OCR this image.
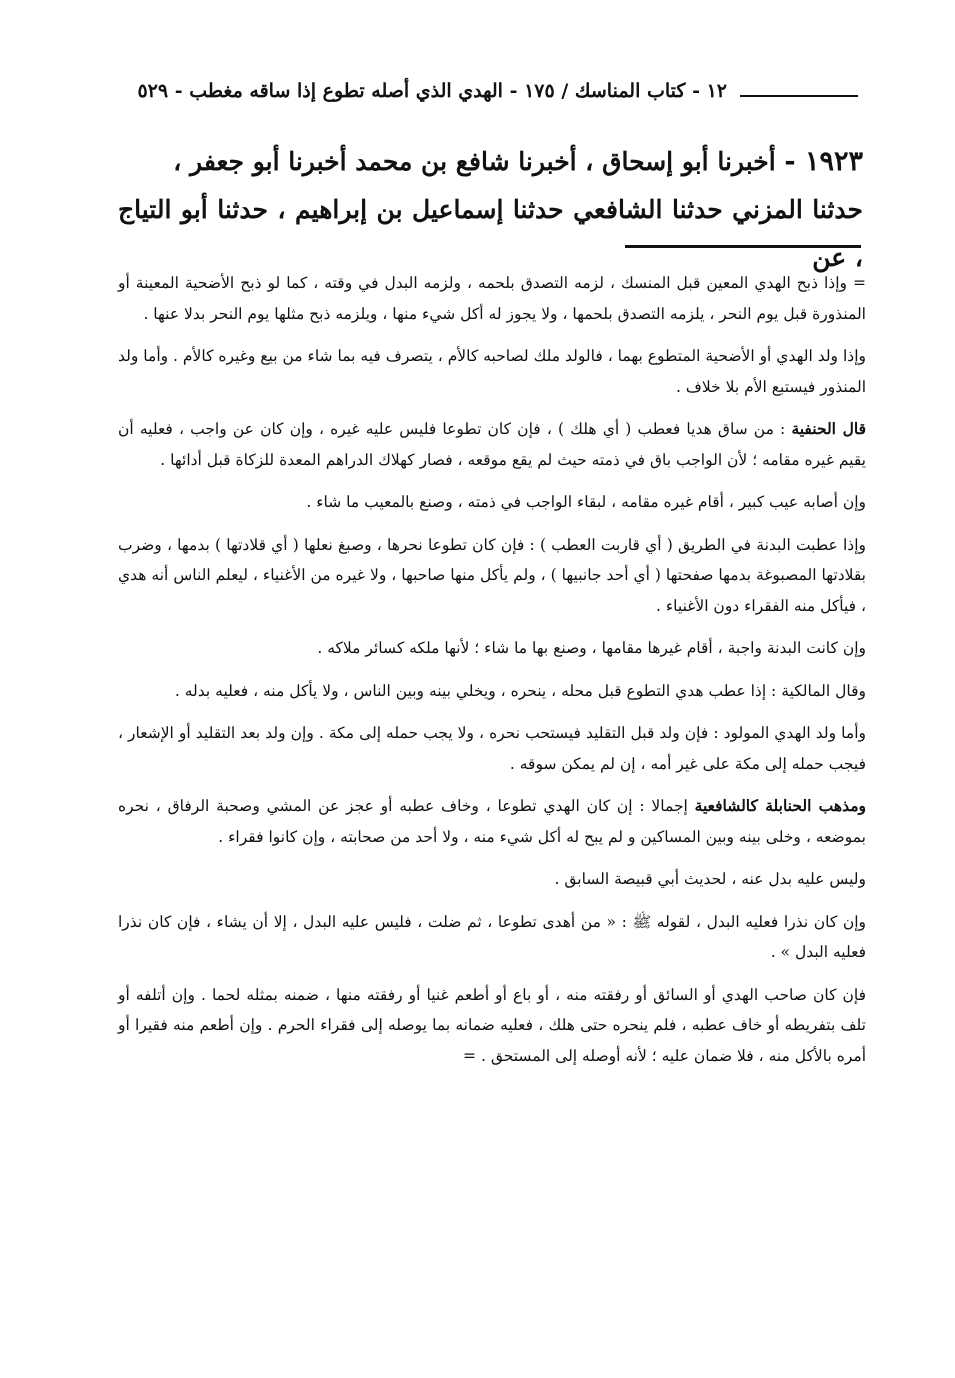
١٢ - كتاب المناسك / ١٧٥ - الهدي الذي أصله تطوع إذا ساقه مغطب - ٥٢٩

١٩٢٣ - أخبرنا أبو إسحاق ، أخبرنا شافع بن محمد أخبرنا أبو جعفر ،

حدثنا المزني حدثنا الشافعي حدثنا إسماعيل بن إبراهيم ، حدثنا أبو التياج ، عن

= وإذا ذبح الهدي المعين قبل المنسك ، لزمه التصدق بلحمه ، ولزمه البدل في وقته ، كما لو ذبح الأضحية المعينة أو المنذورة قبل يوم النحر ، يلزمه التصدق بلحمها ، ولا يجوز له أكل شيء منها ، ويلزمه ذبح مثلها يوم النحر بدلا عنها .

وإذا ولد الهدي أو الأضحية المتطوع بهما ، فالولد ملك لصاحبه كالأم ، يتصرف فيه بما شاء من بيع وغيره كالأم . وأما ولد المنذور فيستبع الأم بلا خلاف .

قال الحنفية : من ساق هديا فعطب ( أي هلك ) ، فإن كان تطوعا فليس عليه غيره ، وإن كان عن واجب ، فعليه أن يقيم غيره مقامه ؛ لأن الواجب باق في ذمته حيث لم يقع موقعه ، فصار كهلاك الدراهم المعدة للزكاة قبل أدائها .

وإن أصابه عيب كبير ، أقام غيره مقامه ، لبقاء الواجب في ذمته ، وصنع بالمعيب ما شاء .

وإذا عطبت البدنة في الطريق ( أي قاربت العطب ) : فإن كان تطوعا نحرها ، وصبغ نعلها ( أي قلادتها ) بدمها ، وضرب بقلادتها المصبوغة بدمها صفحتها ( أي أحد جانبيها ) ، ولم يأكل منها صاحبها ، ولا غيره من الأغنياء ، ليعلم الناس أنه هدي ، فيأكل منه الفقراء دون الأغنياء .

وإن كانت البدنة واجبة ، أقام غيرها مقامها ، وصنع بها ما شاء ؛ لأنها ملكه كسائر ملاكه .

وقال المالكية : إذا عطب هدي التطوع قبل محله ، ينحره ، ويخلي بينه وبين الناس ، ولا يأكل منه ، فعليه بدله .

وأما ولد الهدي المولود : فإن ولد قبل التقليد فيستحب نحره ، ولا يجب حمله إلى مكة . وإن ولد بعد التقليد أو الإشعار ، فيجب حمله إلى مكة على غير أمه ، إن لم يمكن سوقه .

ومذهب الحنابلة كالشافعية إجمالا : إن كان الهدي تطوعا ، وخاف عطبه أو عجز عن المشي وصحبة الرفاق ، نحره بموضعه ، وخلى بينه وبين المساكين و لم يبح له أكل شيء منه ، ولا أحد من صحابته ، وإن كانوا فقراء .

وليس عليه بدل عنه ، لحديث أبي قبيصة السابق .

وإن كان نذرا فعليه البدل ، لقوله ﷺ : « من أهدى تطوعا ، ثم ضلت ، فليس عليه البدل ، إلا أن يشاء ، فإن كان نذرا فعليه البدل » .

فإن كان صاحب الهدي أو السائق أو رفقته منه ، أو باع أو أطعم غنيا أو رفقته منها ، ضمنه بمثله لحما . وإن أتلفه أو تلف بتفريطه أو خاف عطبه ، فلم ينحره حتى هلك ، فعليه ضمانه بما يوصله إلى فقراء الحرم . وإن أطعم منه فقيرا أو أمره بالأكل منه ، فلا ضمان عليه ؛ لأنه أوصله إلى المستحق . =
